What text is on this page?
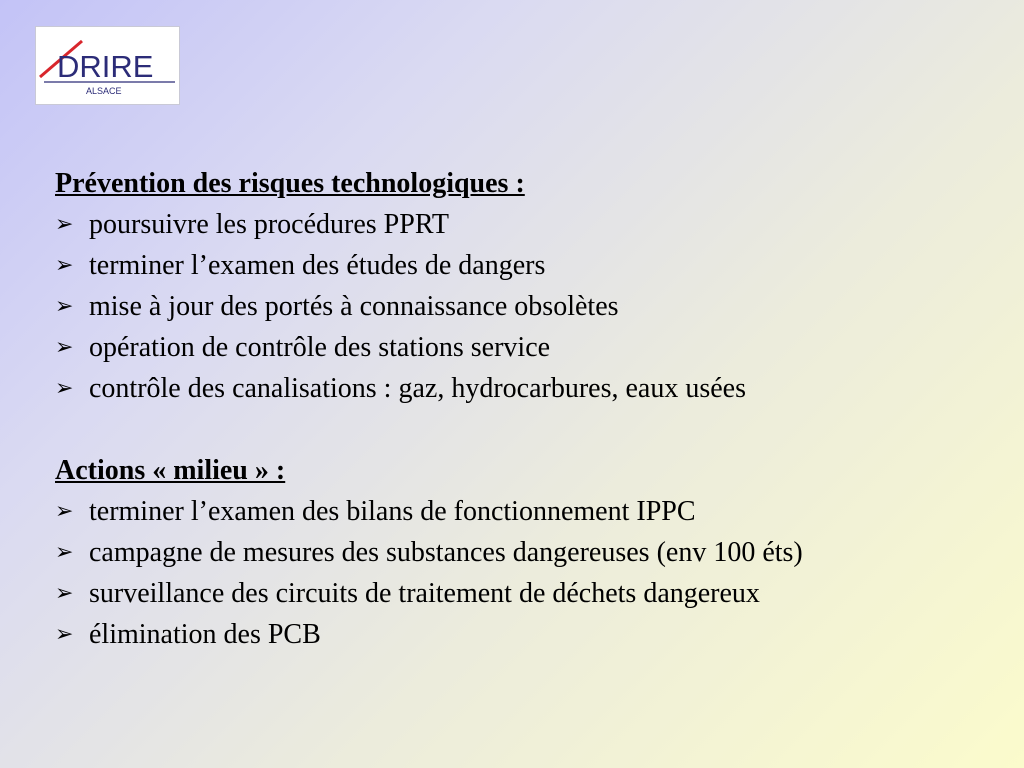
DRIRE
ALSACE
Prévention des risques technologiques :
➢ poursuivre les procédures PPRT
➢ terminer l’examen des études de dangers
➢ mise à jour des portés à connaissance obsolètes
➢ opération de contrôle des stations service
➢ contrôle des canalisations : gaz, hydrocarbures, eaux usées
Actions « milieu » :
➢ terminer l’examen des bilans de fonctionnement IPPC
➢ campagne de mesures des substances dangereuses (env 100 éts)
➢ surveillance des circuits de traitement de déchets dangereux
➢ élimination des PCB
